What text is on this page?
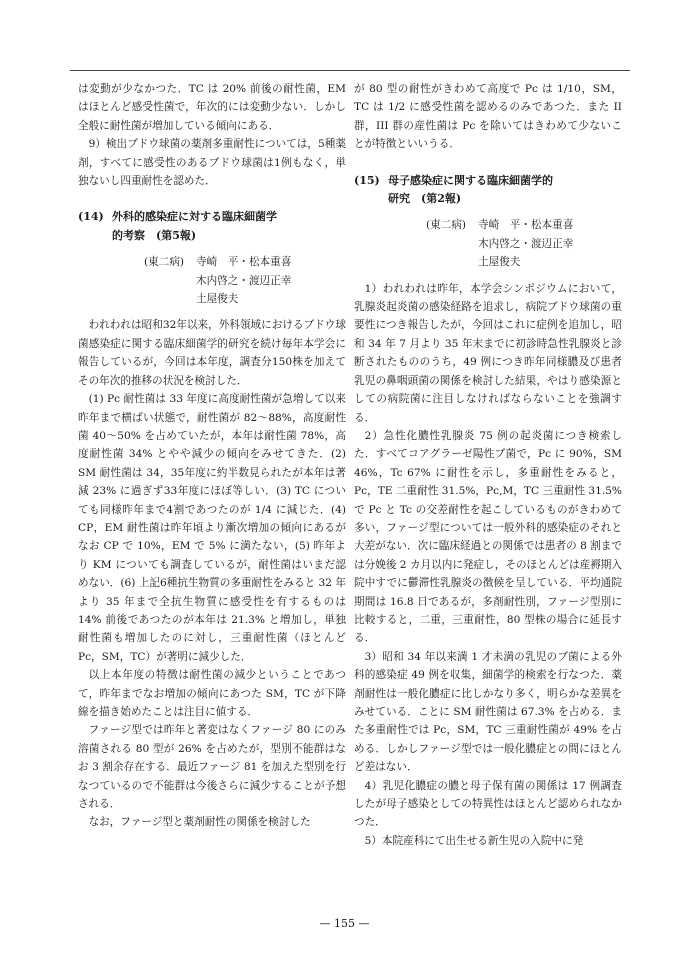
は変動が少なかつた．TC は 20% 前後の耐性菌，EM はほとんど感受性菌で，年次的には変動少ない．しかし全般に耐性菌が増加している傾向にある．

9）検出ブドウ球菌の薬剤多重耐性については，5種薬剤，すべてに感受性のあるブドウ球菌は1例もなく，単独ないし四重耐性を認めた．

(14) 外科的感染症に対する臨床細菌学
的考察　(第5報)
(東二病) 寺崎　平・松本重喜
木内啓之・渡辺正幸
土屋俊夫

われわれは昭和32年以来，外科領域におけるブドウ球菌感染症に関する臨床細菌学的研究を続け毎年本学会に報告しているが，今回は本年度，調査分150株を加えてその年次的推移の状況を検討した．

(1) Pc 耐性菌は 33 年度に高度耐性菌が急増して以来昨年まで横ばい状態で，耐性菌が 82〜88%，高度耐性菌 40〜50% を占めていたが，本年は耐性菌 78%，高度耐性菌 34% とやや減少の傾向をみせてきた．(2) SM 耐性菌は 34，35年度に約半数見られたが本年は著減 23% に過ぎず33年度にほぼ等しい．(3) TC についても同様昨年まで4割であつたのが 1/4 に減じた．(4) CP，EM 耐性菌は昨年頃より漸次増加の傾向にあるがなお CP で 10%，EM で 5% に満たない，(5) 昨年より KM についても調査しているが，耐性菌はいまだ認めない．(6) 上記6種抗生物質の多重耐性をみると 32 年より 35 年まで全抗生物質に感受性を有するものは 14% 前後であつたのが本年は 21.3% と増加し，単独耐性菌も増加したのに対し，三重耐性菌（ほとんど Pc，SM，TC）が著明に減少した．

以上本年度の特徴は耐性菌の減少ということであつて，昨年までなお増加の傾向にあつた SM，TC が下降線を描き始めたことは注目に値する．

ファージ型では昨年と著変はなくファージ 80 にのみ溶菌される 80 型が 26% を占めたが，型別不能群はなお 3 割余存在する．最近ファージ 81 を加えた型別を行なつているので不能群は今後さらに減少することが予想される．

なお，ファージ型と薬剤耐性の関係を検討した

が 80 型の耐性がきわめて高度で Pc は 1/10，SM，TC は 1/2 に感受性菌を認めるのみであつた．また II 群，III 群の産性菌は Pc を除いてはきわめて少ないことが特徴といいうる．

(15) 母子感染症に関する臨床細菌学的
研究　(第2報)
(東二病) 寺崎　平・松本重喜
木内啓之・渡辺正幸
土屋俊夫

1）われわれは昨年，本学会シンポジウムにおいて，乳腺炎起炎菌の感染経路を追求し，病院ブドウ球菌の重要性につき報告したが，今回はこれに症例を追加し，昭和 34 年 7 月より 35 年末までに初診時急性乳腺炎と診断されたもののうち，49 例につき昨年同様膿及び患者乳児の鼻咽頭菌の関係を検討した結果，やはり感染源としての病院菌に注目しなければならないことを強調する．

2）急性化膿性乳腺炎 75 例の起炎菌につき検索した．すべてコアグラーゼ陽性ブ菌で，Pc に 90%，SM 46%，Tc 67% に耐性を示し，多重耐性をみると，Pc，TE 二重耐性 31.5%，Pc,M，TC 三重耐性 31.5% で Pc と Tc の交差耐性を起こしているものがきわめて多い，ファージ型については一般外科的感染症のそれと大差がない．次に臨床経過との関係では患者の 8 割までは分娩後 2 カ月以内に発症し，そのほとんどは産褥期入院中すでに鬱滞性乳腺炎の徴候を呈している．平均通院期間は 16.8 日であるが，多剤耐性別，ファージ型別に比較すると，二重，三重耐性，80 型株の場合に延長する．

3）昭和 34 年以来満 1 才未満の乳児のブ菌による外科的感染症 49 例を収集，細菌学的検索を行なつた．薬剤耐性は一般化膿症に比しかなり多く，明らかな差異をみせている．ことに SM 耐性菌は 67.3% を占める．また多重耐性では Pc，SM，TC 三重耐性菌が 49% を占める．しかしファージ型では一般化膿症との間にほとんど差はない．

4）乳児化膿症の膿と母子保有菌の関係は 17 例調査したが母子感染としての特異性はほとんど認められなかつた．

5）本院産科にて出生せる新生児の入院中に発

— 155 —
